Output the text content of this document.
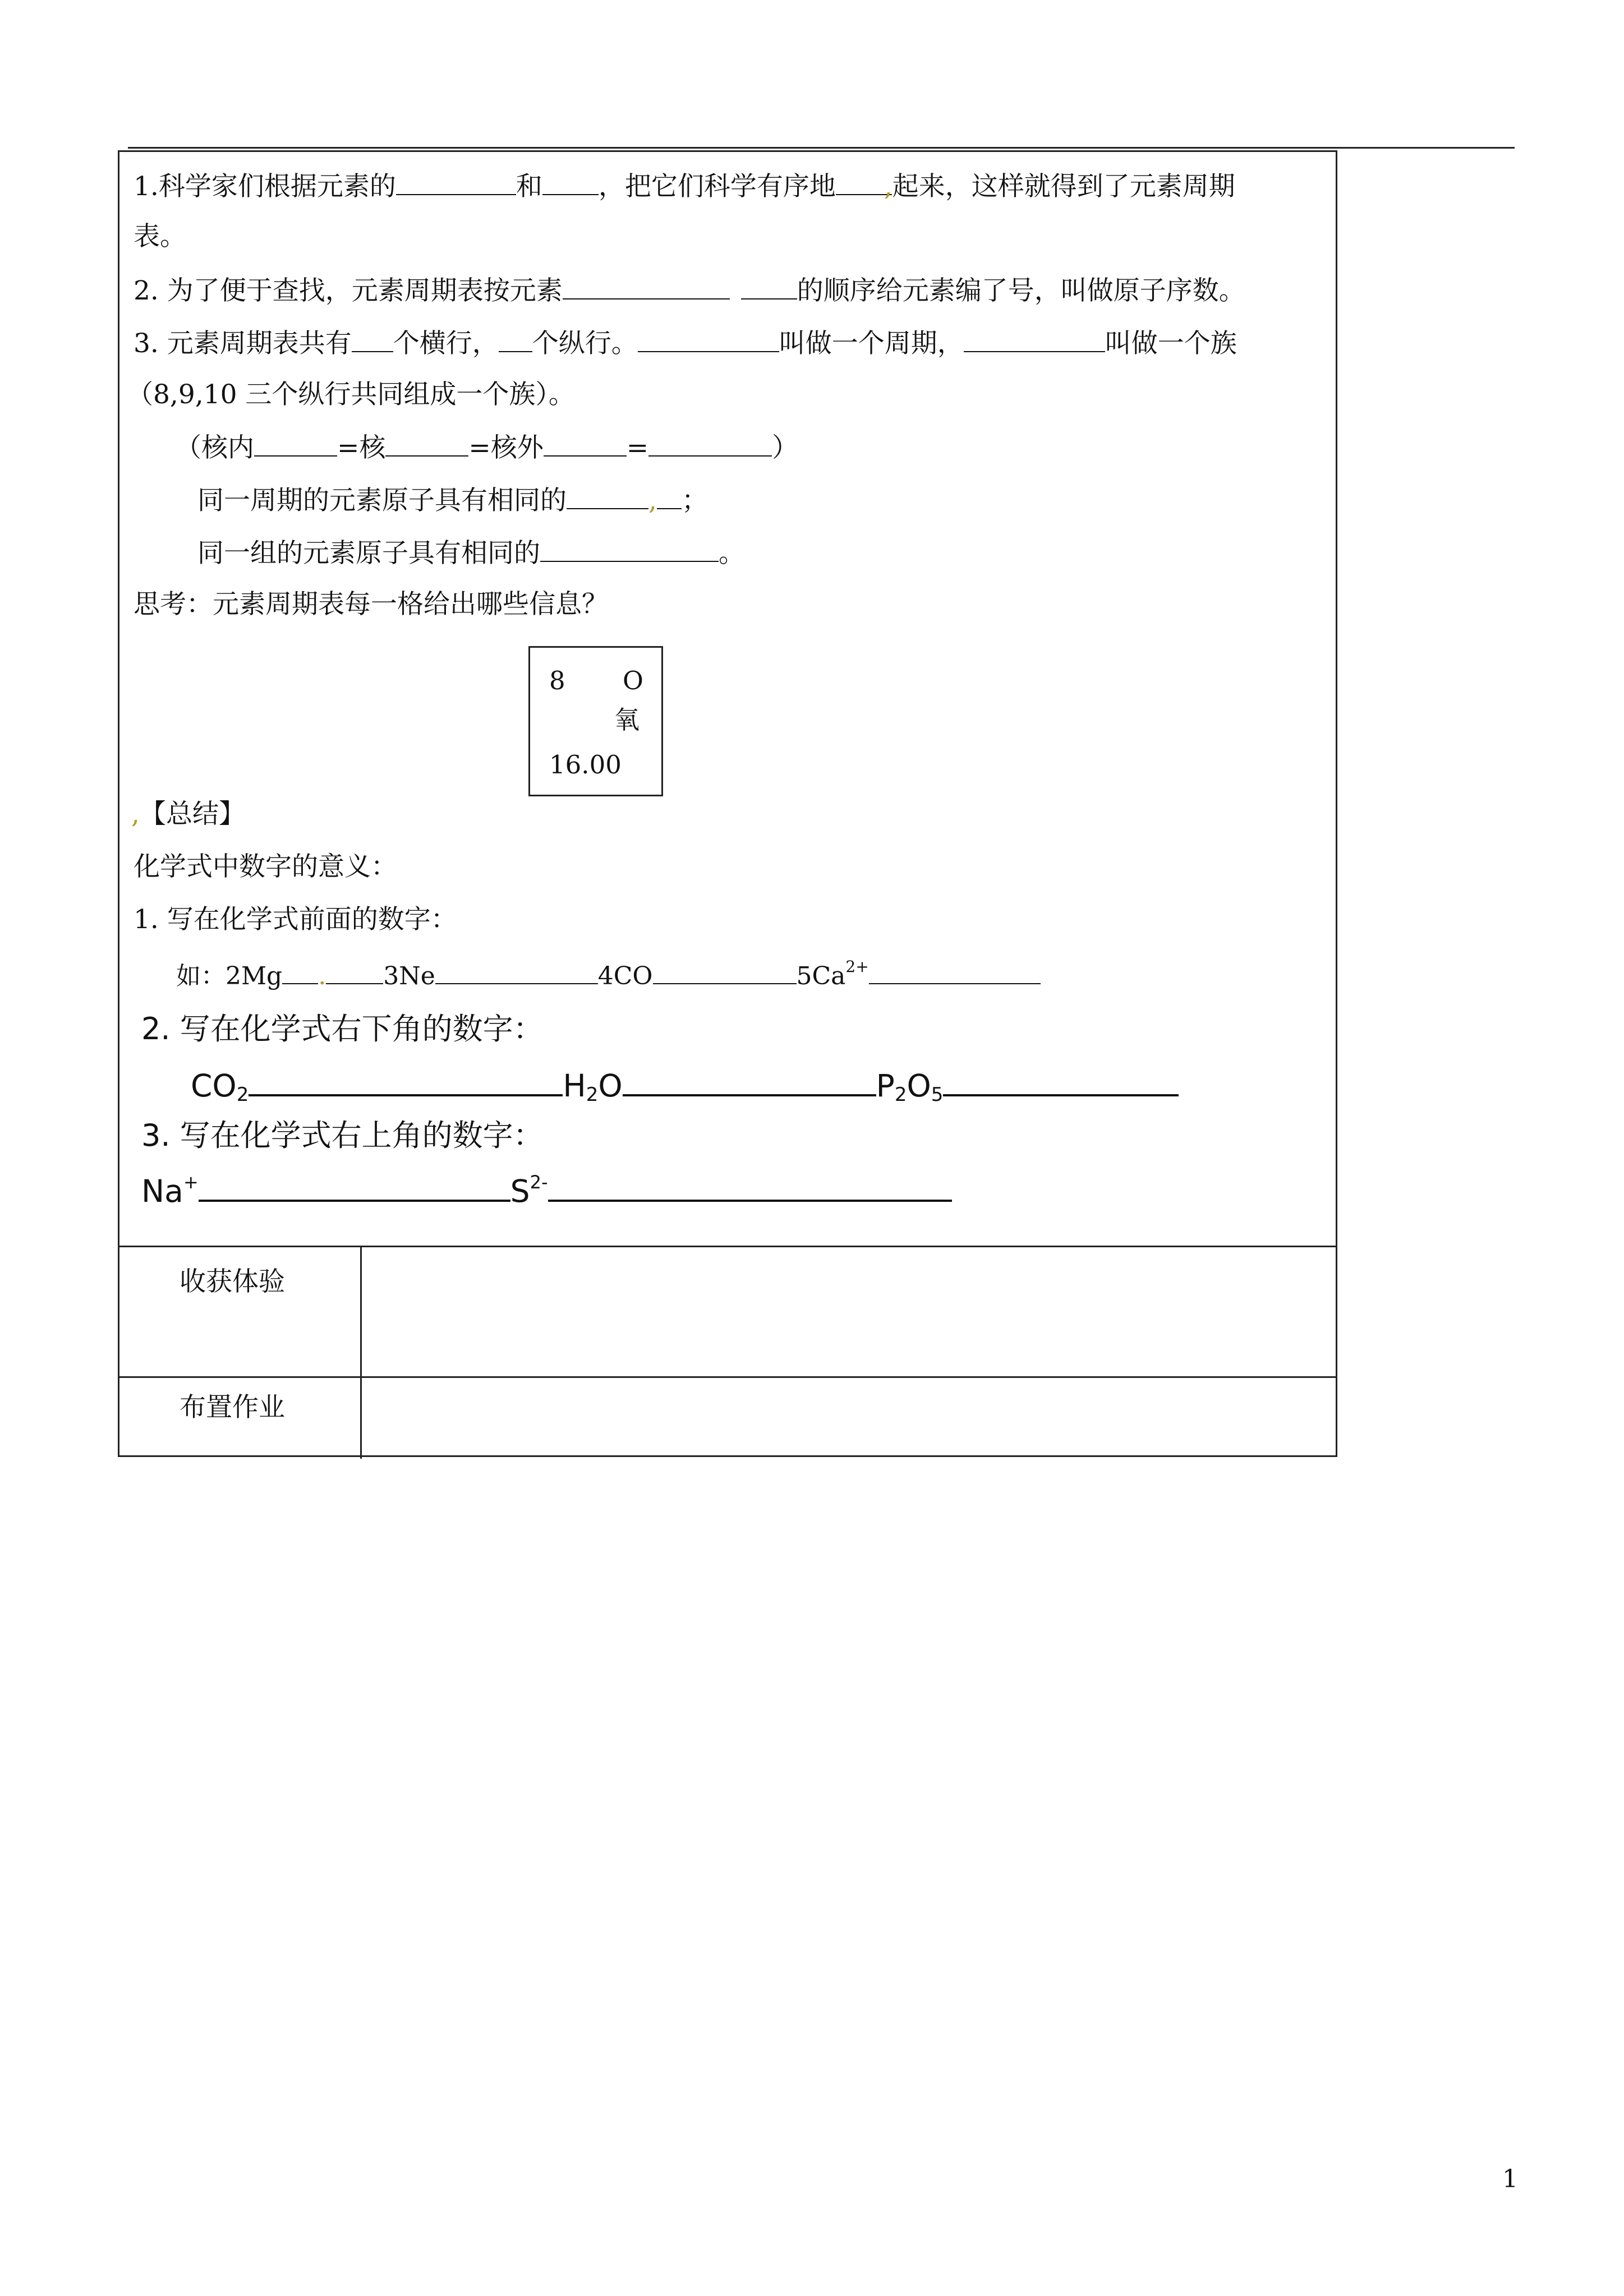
1.科学家们根据元素的	和 ，把它们科学有序地 ,起来，这样就得到了元素周期
表。
2. 为了便于查找，元素周期表按元素	的顺序给元素编了号，叫做原子序数。
3. 元素周期表共有 个横行， 个纵行。	叫做一个周期，	叫做一个族
（8,9,10 三个纵行共同组成一个族）。
（核内	=核	=核外	=	）
同一周期的元素原子具有相同的	, ；
同一组的元素原子具有相同的	。
思考：元素周期表每一格给出哪些信息？
8 O
氧
16.00
,【总结】
化学式中数字的意义：
1. 写在化学式前面的数字：
如：2Mg . 3Ne	4CO	$5Ca^{2+}$
2. 写在化学式右下角的数字：
$CO_2$	$H_2O$	$P_2O_5$
3. 写在化学式右上角的数字：
Na+	$S^{2-}$
收获体验
布置作业
1
